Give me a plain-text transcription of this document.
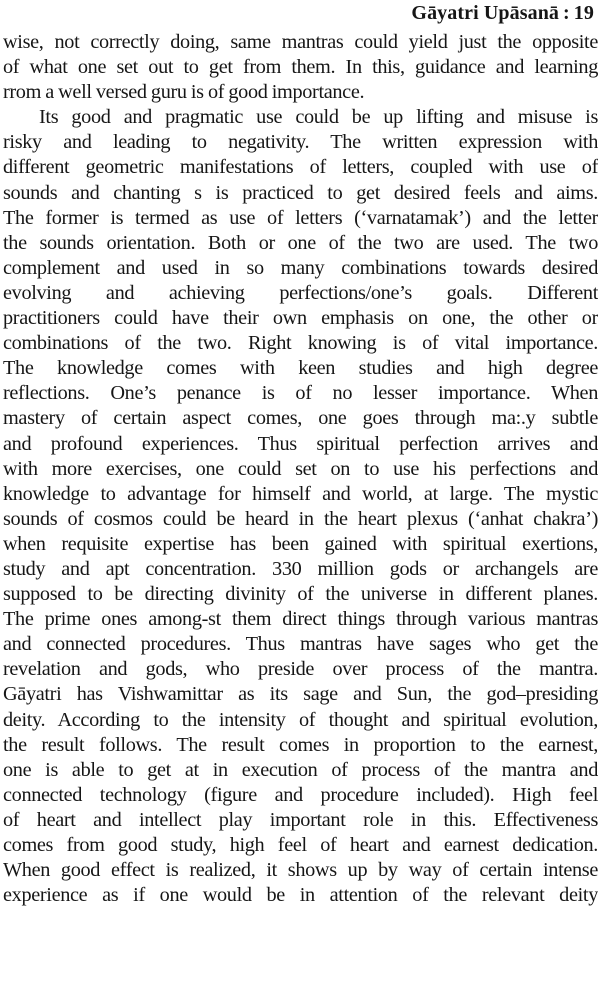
Gāyatri Upāsanā : 19
wise, not correctly doing, same mantras could yield just the opposite
of what one set out to get from them. In this, guidance and learning
rrom a well versed guru is of good importance.
Its good and pragmatic use could be up lifting and misuse is
risky and leading to negativity. The written expression with
different geometric manifestations of letters, coupled with use of
sounds and chanting s is practiced to get desired feels and aims.
The former is termed as use of letters (‘varnatamak’) and the letter
the sounds orientation. Both or one of the two are used. The two
complement and used in so many combinations towards desired
evolving and achieving perfections/one’s goals. Different
practitioners could have their own emphasis on one, the other or
combinations of the two. Right knowing is of vital importance.
The knowledge comes with keen studies and high degree
reflections. One’s penance is of no lesser importance. When
mastery of certain aspect comes, one goes through ma:.y subtle
and profound experiences. Thus spiritual perfection arrives and
with more exercises, one could set on to use his perfections and
knowledge to advantage for himself and world, at large. The mystic
sounds of cosmos could be heard in the heart plexus (‘anhat chakra’)
when requisite expertise has been gained with spiritual exertions,
study and apt concentration. 330 million gods or archangels are
supposed to be directing divinity of the universe in different planes.
The prime ones among-st them direct things through various mantras
and connected procedures. Thus mantras have sages who get the
revelation and gods, who preside over process of the mantra.
Gāyatri has Vishwamittar as its sage and Sun, the god–presiding
deity. According to the intensity of thought and spiritual evolution,
the result follows. The result comes in proportion to the earnest,
one is able to get at in execution of process of the mantra and
connected technology (figure and procedure included). High feel
of heart and intellect play important role in this. Effectiveness
comes from good study, high feel of heart and earnest dedication.
When good effect is realized, it shows up by way of certain intense
experience as if one would be in attention of the relevant deity
